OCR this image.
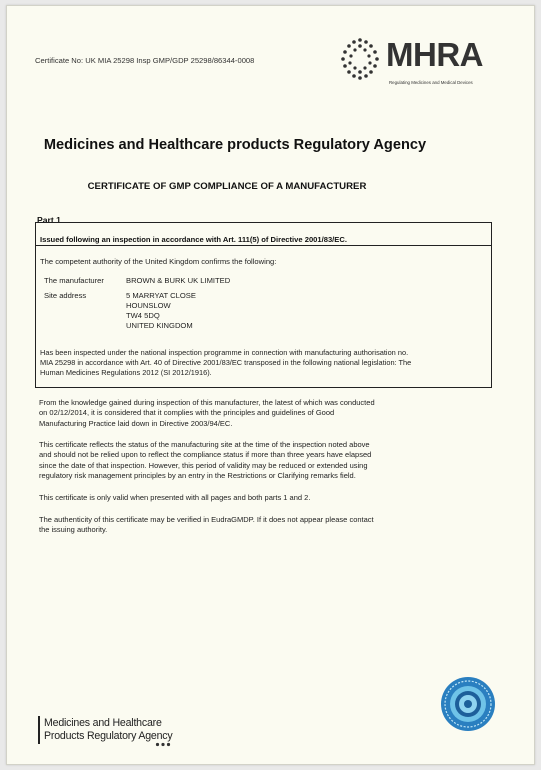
Certificate No: UK MIA 25298 Insp GMP/GDP 25298/86344-0008	MHRA
Regulating Medicines and Medical Devices
Medicines and Healthcare products Regulatory Agency
CERTIFICATE OF GMP COMPLIANCE OF A MANUFACTURER
Part 1
Issued following an inspection in accordance with Art. 111(5) of Directive 2001/83/EC.
The competent authority of the United Kingdom confirms the following:
The manufacturer	BROWN & BURK UK LIMITED
Site address	5 MARRYAT CLOSE
HOUNSLOW
TW4 5DQ
UNITED KINGDOM
Has been inspected under the national inspection programme in connection with manufacturing authorisation no.
MIA 25298 in accordance with Art. 40 of Directive 2001/83/EC transposed in the following national legislation: The
Human Medicines Regulations 2012 (SI 2012/1916).
From the knowledge gained during inspection of this manufacturer, the latest of which was conducted
on 02/12/2014, it is considered that it complies with the principles and guidelines of Good
Manufacturing Practice laid down in Directive 2003/94/EC.
This certificate reflects the status of the manufacturing site at the time of the inspection noted above
and should not be relied upon to reflect the compliance status if more than three years have elapsed
since the date of that inspection. However, this period of validity may be reduced or extended using
regulatory risk management principles by an entry in the Restrictions or Clarifying remarks field.
This certificate is only valid when presented with all pages and both parts 1 and 2.
The authenticity of this certificate may be verified in EudraGMDP. If it does not appear please contact
the issuing authority.
Medicines and Healthcare
Products Regulatory Agency
